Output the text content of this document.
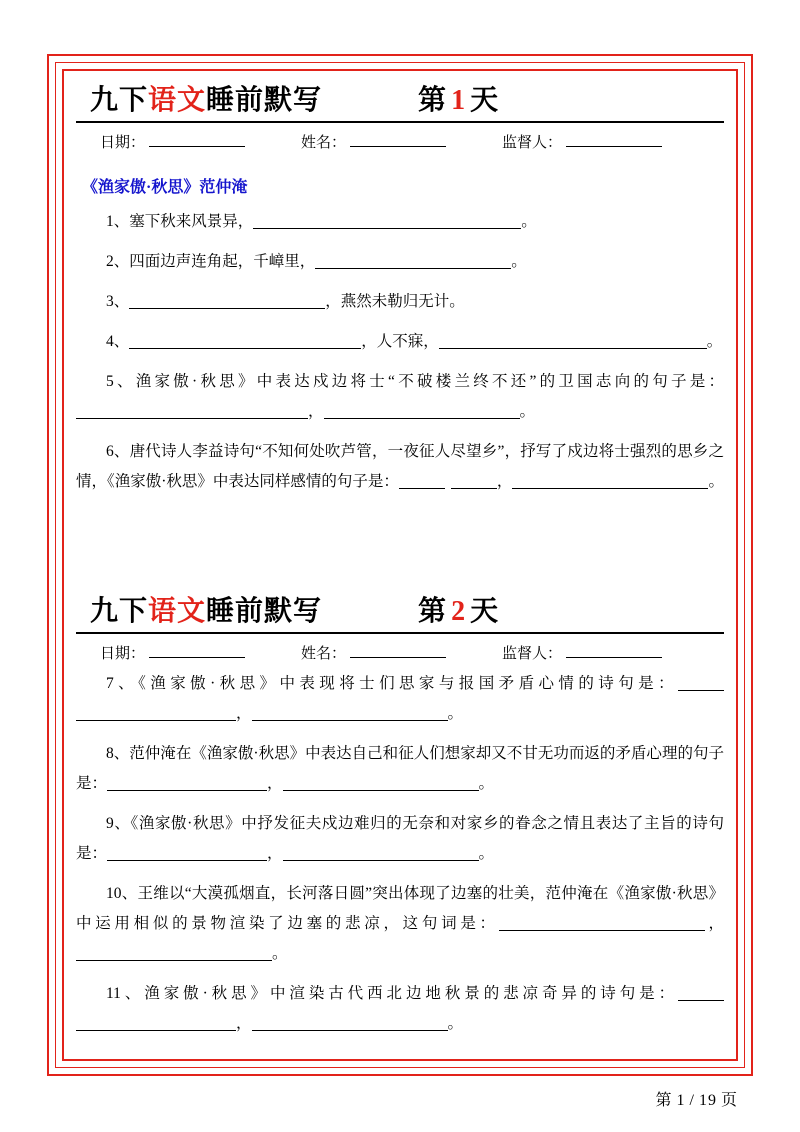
九下 语文 睡前默写	第 1 天
日期：	姓名：	监督人：
《渔家傲·秋思》范仲淹
1、塞下秋来风景异，	。
2、四面边声连角起，千嶂里，	。
3、	，燕然未勒归无计。
4、	，人不寐，	。
5、渔家傲·秋思》中表达戍边将士“不破楼兰终不还”的卫国志向的句子是：，	。
6、唐代诗人李益诗句“不知何处吹芦管，一夜征人尽望乡”，抒写了戍边将士强烈的思乡之情，《渔家傲·秋思》中表达同样感情的句子是：	，	。
九下 语文 睡前默写	第 2 天
日期：	姓名：	监督人：
7、《渔家傲·秋思》中表现将士们思家与报国矛盾心情的诗句是：，	。
8、范仲淹在《渔家傲·秋思》中表达自己和征人们想家却又不甘无功而返的矛盾心理的句子是：	，	。
9、《渔家傲·秋思》中抒发征夫戍边难归的无奈和对家乡的眷念之情且表达了主旨的诗句是：	，	。
10、王维以“大漠孤烟直，长河落日圆”突出体现了边塞的壮美，范仲淹在《渔家傲·秋思》中运用相似的景物渲染了边塞的悲凉，这句词是：	，。
11、渔家傲·秋思》中渲染古代西北边地秋景的悲凉奇异的诗句是：，	。
第 1 / 19 页
